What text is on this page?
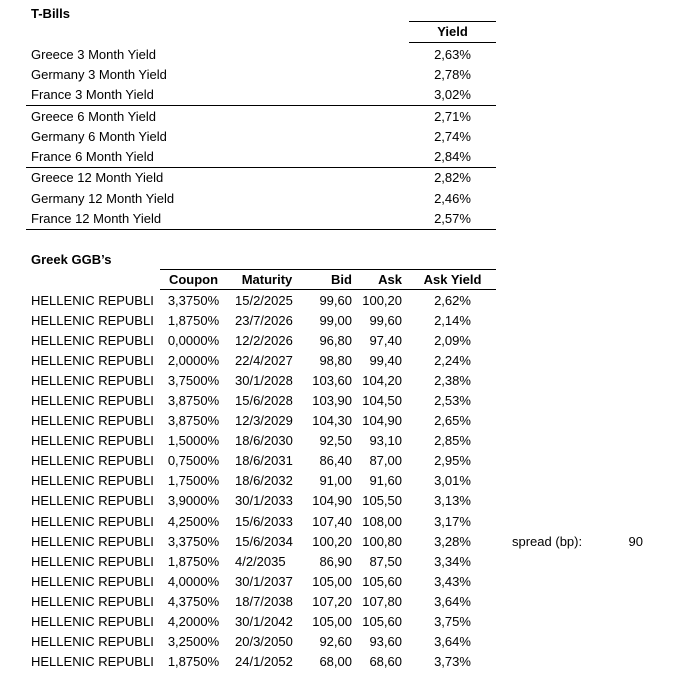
T-Bills
Yield
Greece 3 Month Yield	2,63%
Germany 3 Month Yield	2,78%
France 3 Month Yield	3,02%
Greece 6 Month Yield	2,71%
Germany 6 Month Yield	2,74%
France 6 Month Yield	2,84%
Greece 12 Month Yield	2,82%
Germany 12 Month Yield	2,46%
France 12 Month Yield	2,57%
Greek GGB’s
Coupon	Maturity	Bid	Ask	Ask Yield
HELLENIC REPUBLI	3,3750%	15/2/2025	99,60 100,20	2,62%
HELLENIC REPUBLI	1,8750%	23/7/2026	99,00	99,60	2,14%
HELLENIC REPUBLI	0,0000%	12/2/2026	96,80	97,40	2,09%
HELLENIC REPUBLI	2,0000%	22/4/2027	98,80	99,40	2,24%
HELLENIC REPUBLI	3,7500%	30/1/2028	103,60 104,20	2,38%
HELLENIC REPUBLI	3,8750%	15/6/2028	103,90 104,50	2,53%
HELLENIC REPUBLI	3,8750%	12/3/2029	104,30 104,90	2,65%
HELLENIC REPUBLI	1,5000%	18/6/2030	92,50	93,10	2,85%
HELLENIC REPUBLI	0,7500%	18/6/2031	86,40	87,00	2,95%
HELLENIC REPUBLI	1,7500%	18/6/2032	91,00	91,60	3,01%
HELLENIC REPUBLI	3,9000%	30/1/2033	104,90 105,50	3,13%
HELLENIC REPUBLI	4,2500%	15/6/2033	107,40 108,00	3,17%
HELLENIC REPUBLI	3,3750%	15/6/2034	100,20 100,80	3,28%
HELLENIC REPUBLI	1,8750%	4/2/2035	86,90	87,50	3,34%
HELLENIC REPUBLI	4,0000%	30/1/2037	105,00 105,60	3,43%
HELLENIC REPUBLI	4,3750%	18/7/2038	107,20 107,80	3,64%
HELLENIC REPUBLI	4,2000%	30/1/2042	105,00 105,60	3,75%
HELLENIC REPUBLI	3,2500%	20/3/2050	92,60	93,60	3,64%
HELLENIC REPUBLI	1,8750%	24/1/2052	68,00	68,60	3,73%
spread (bp):	90
